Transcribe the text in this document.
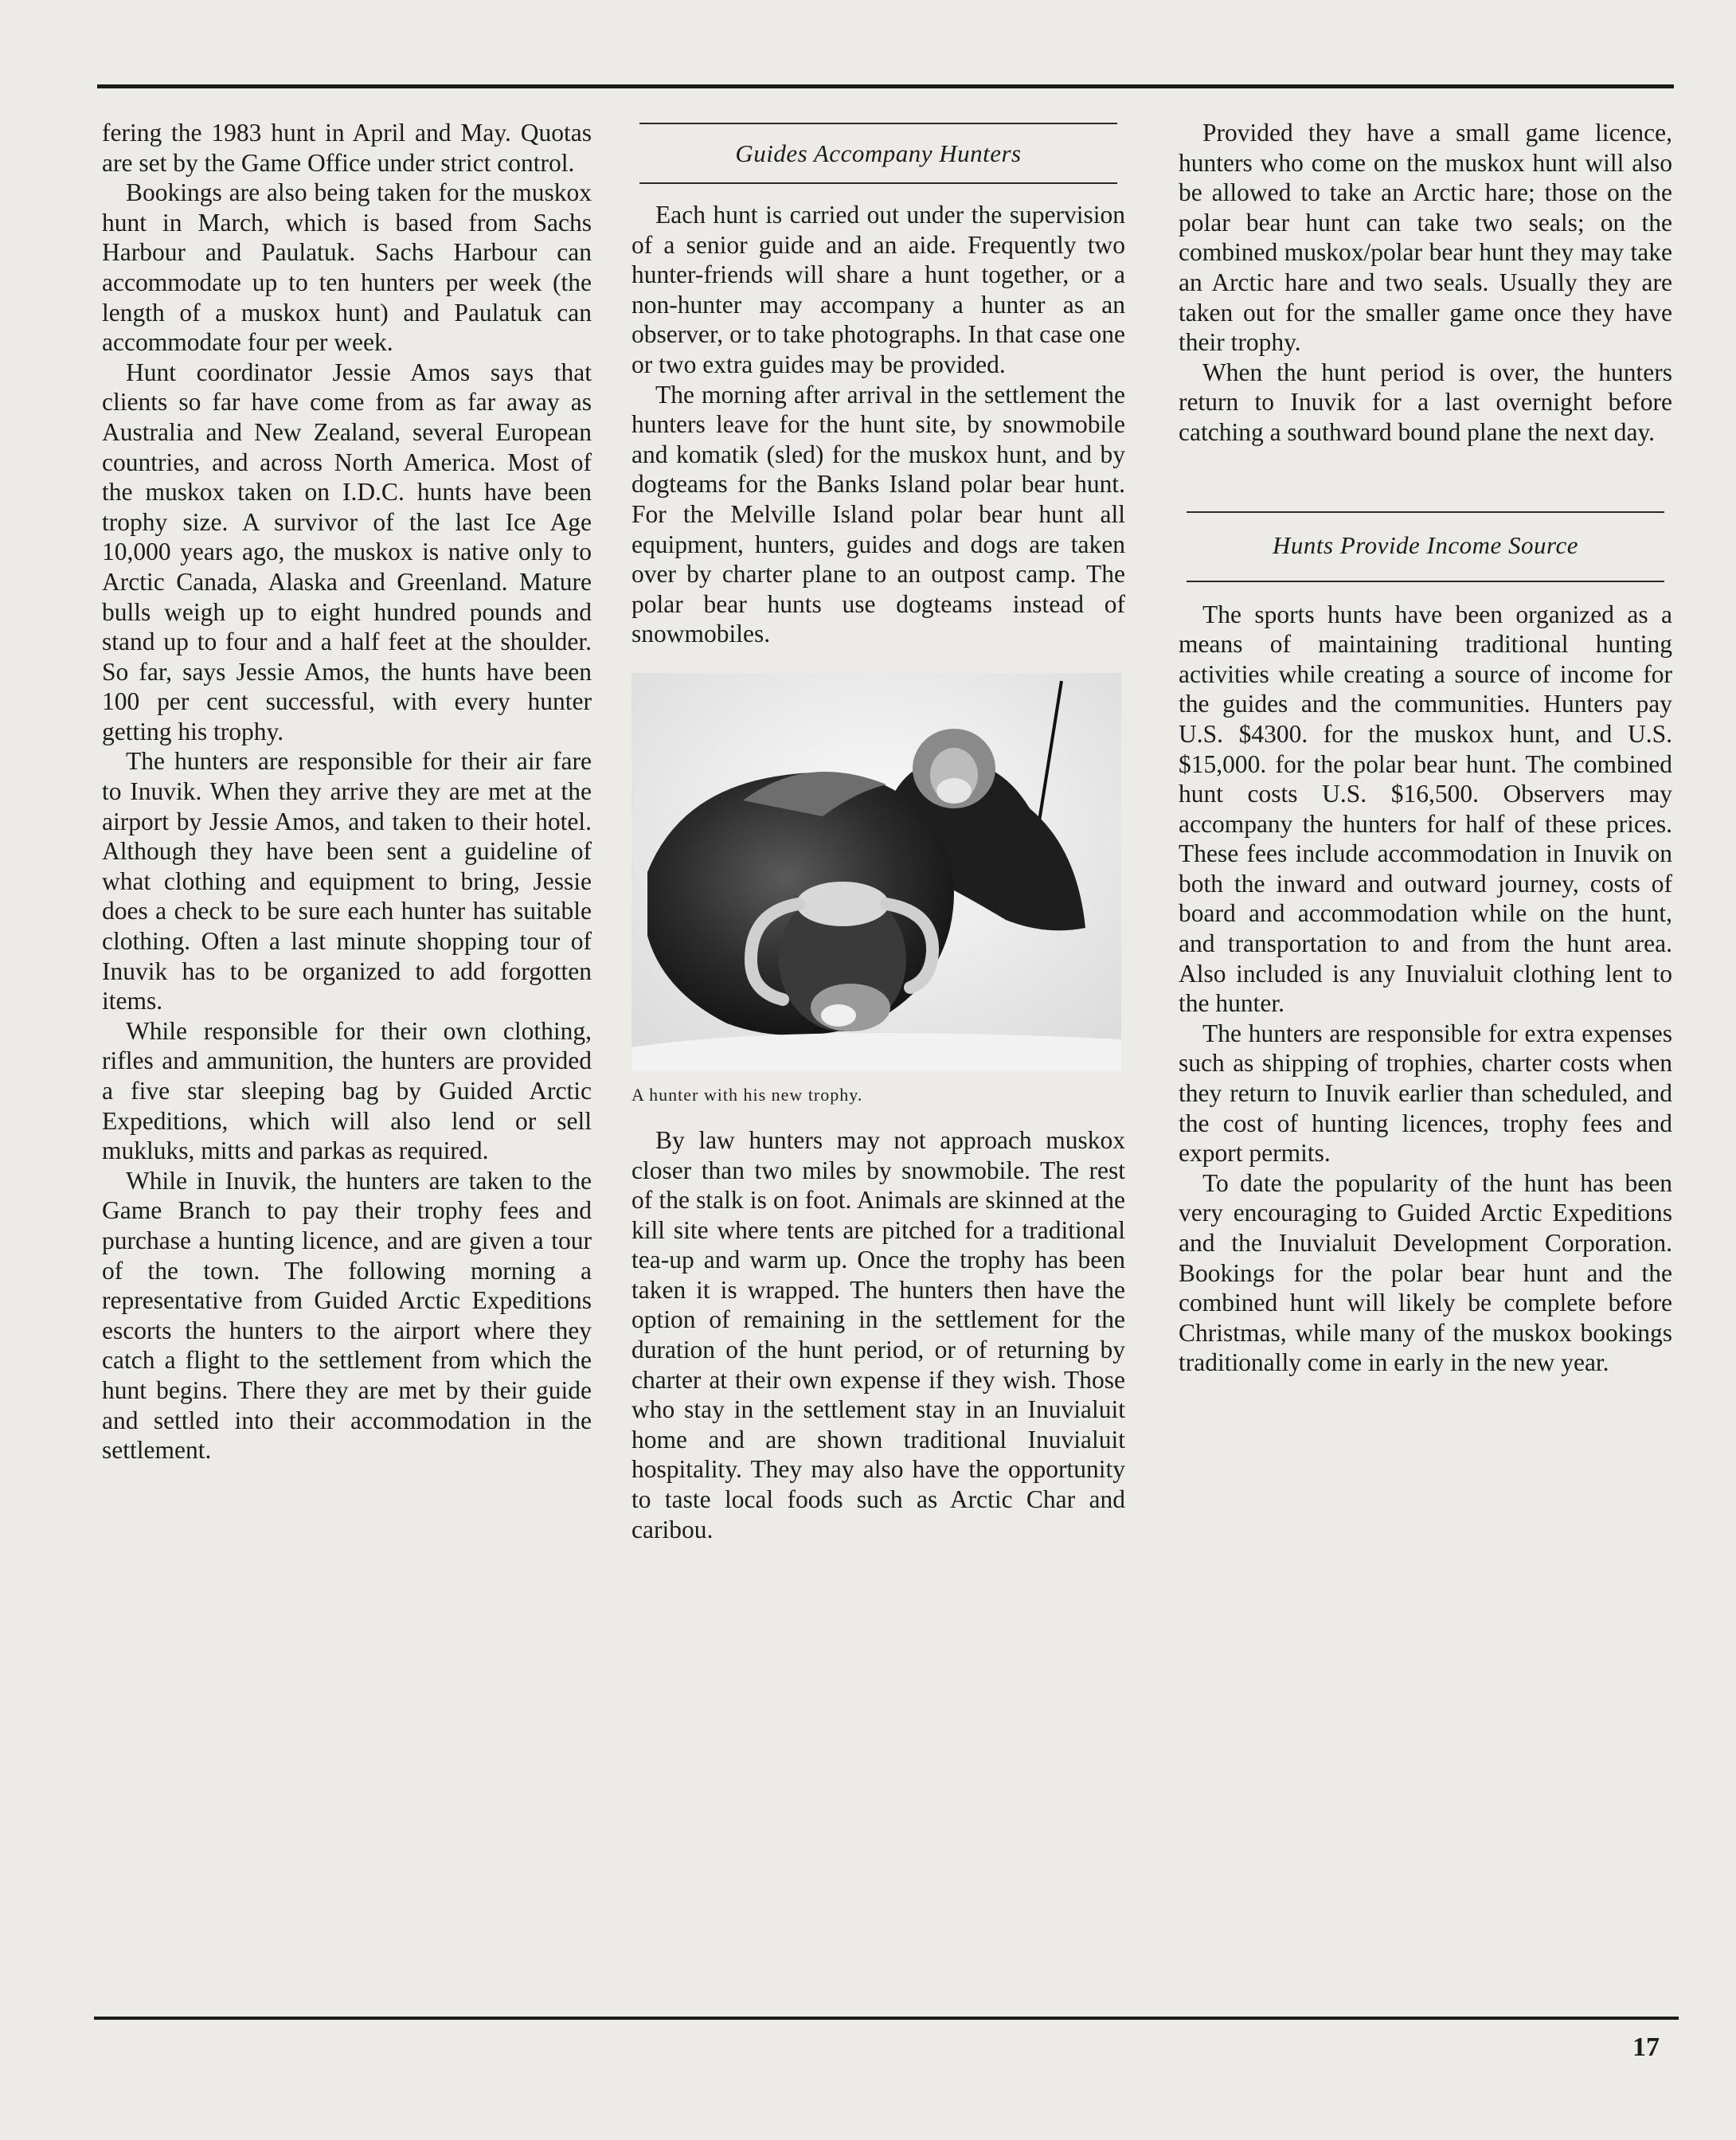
fering the 1983 hunt in April and May. Quotas are set by the Game Office under strict control.

Bookings are also being taken for the muskox hunt in March, which is based from Sachs Harbour and Paulatuk. Sachs Harbour can accommodate up to ten hunters per week (the length of a muskox hunt) and Paulatuk can accommodate four per week.

Hunt coordinator Jessie Amos says that clients so far have come from as far away as Australia and New Zealand, several European countries, and across North America. Most of the muskox taken on I.D.C. hunts have been trophy size. A survivor of the last Ice Age 10,000 years ago, the muskox is native only to Arctic Canada, Alaska and Greenland. Mature bulls weigh up to eight hundred pounds and stand up to four and a half feet at the shoulder. So far, says Jessie Amos, the hunts have been 100 per cent successful, with every hunter getting his trophy.

The hunters are responsible for their air fare to Inuvik. When they arrive they are met at the airport by Jessie Amos, and taken to their hotel. Although they have been sent a guideline of what clothing and equipment to bring, Jessie does a check to be sure each hunter has suitable clothing. Often a last minute shopping tour of Inuvik has to be organized to add forgotten items.

While responsible for their own clothing, rifles and ammunition, the hunters are provided a five star sleeping bag by Guided Arctic Expeditions, which will also lend or sell mukluks, mitts and parkas as required.

While in Inuvik, the hunters are taken to the Game Branch to pay their trophy fees and purchase a hunting licence, and are given a tour of the town. The following morning a representative from Guided Arctic Expeditions escorts the hunters to the airport where they catch a flight to the settlement from which the hunt begins. There they are met by their guide and settled into their accommodation in the settlement.

Guides Accompany Hunters

Each hunt is carried out under the supervision of a senior guide and an aide. Frequently two hunter-friends will share a hunt together, or a non-hunter may accompany a hunter as an observer, or to take photographs. In that case one or two extra guides may be provided.

The morning after arrival in the settlement the hunters leave for the hunt site, by snowmobile and komatik (sled) for the muskox hunt, and by dogteams for the Banks Island polar bear hunt. For the Melville Island polar bear hunt all equipment, hunters, guides and dogs are taken over by charter plane to an outpost camp. The polar bear hunts use dogteams instead of snowmobiles.

A hunter with his new trophy.

By law hunters may not approach muskox closer than two miles by snowmobile. The rest of the stalk is on foot. Animals are skinned at the kill site where tents are pitched for a traditional tea-up and warm up. Once the trophy has been taken it is wrapped. The hunters then have the option of remaining in the settlement for the duration of the hunt period, or of returning by charter at their own expense if they wish. Those who stay in the settlement stay in an Inuvialuit home and are shown traditional Inuvialuit hospitality. They may also have the opportunity to taste local foods such as Arctic Char and caribou.

Provided they have a small game licence, hunters who come on the muskox hunt will also be allowed to take an Arctic hare; those on the polar bear hunt can take two seals; on the combined muskox/polar bear hunt they may take an Arctic hare and two seals. Usually they are taken out for the smaller game once they have their trophy.

When the hunt period is over, the hunters return to Inuvik for a last overnight before catching a southward bound plane the next day.

Hunts Provide Income Source

The sports hunts have been organized as a means of maintaining traditional hunting activities while creating a source of income for the guides and the communities. Hunters pay U.S. $4300. for the muskox hunt, and U.S. $15,000. for the polar bear hunt. The combined hunt costs U.S. $16,500. Observers may accompany the hunters for half of these prices. These fees include accommodation in Inuvik on both the inward and outward journey, costs of board and accommodation while on the hunt, and transportation to and from the hunt area. Also included is any Inuvialuit clothing lent to the hunter.

The hunters are responsible for extra expenses such as shipping of trophies, charter costs when they return to Inuvik earlier than scheduled, and the cost of hunting licences, trophy fees and export permits.

To date the popularity of the hunt has been very encouraging to Guided Arctic Expeditions and the Inuvialuit Development Corporation. Bookings for the polar bear hunt and the combined hunt will likely be complete before Christmas, while many of the muskox bookings traditionally come in early in the new year.

17
